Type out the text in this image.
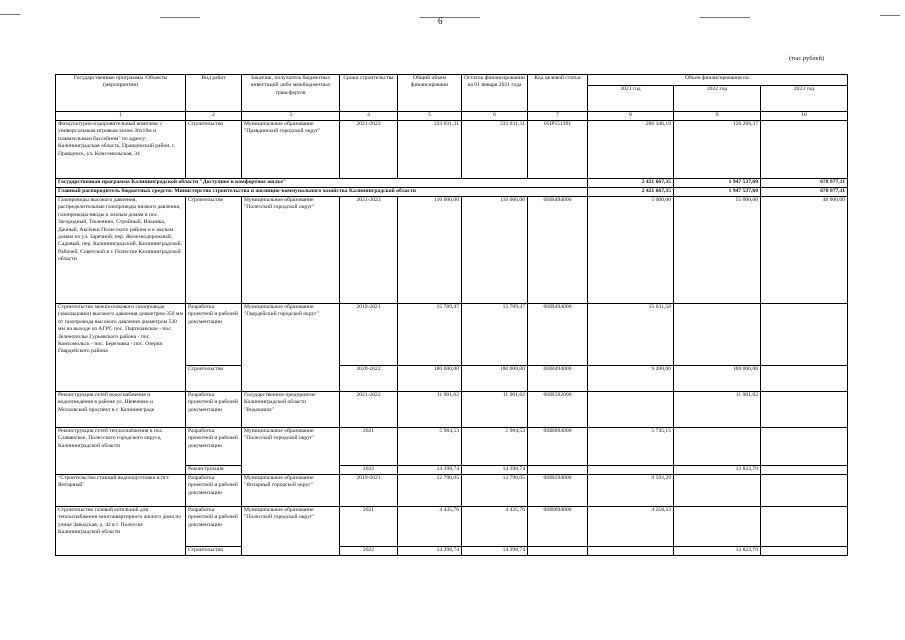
6
(тыс.рублей)
Государственные программы /Объекты (мероприятия)	Вид работ	Заказчик, получатель бюджетных инвестиций либо межбюджетных трансфертов	Сроки строительства	Общий объем финансировани	Остаток финансировании на 01 января 2021 года	Код целевой статьи	Объем финансирования на:		
							2021 год	2022 год	2023 год
1	2	3	4	5	6	7	8	9	10
Физкультурно-оздоровительный комплекс с универсальным игровым залом 36х18м и плавательным бассейном" по адресу: Калининградская область, Правдинский район, г. Правдинск, ул. Комсомольская, 34	Строительство	Муниципальное образование "Правдинский городской округ"	2021-2022	333 031,31	333 031,31	05IP551391	206 346,19	126 268,37	
Государственная программа Калининградской области "Доступное и комфортное жилье"							2 421 667,35	1 947 537,60	678 977,11
Главный распорядитель бюджетных средств: Министерство строительства и жилищно-коммунального хозяйства Калининградской области							2 421 667,35	1 947 537,60	678 977,11
Газопроводы высокого давления, распределительные газопроводы низкого давления, газопроводы-вводы к жилым домам в пос. Загородный, Тюленино, Стройный, Ильинка, Дачный, Аксёнки Полесского района и к жилым домам по ул. Заречной, пер. Железнодорожный, Садовый, пер. Калининградский, Калининградской, Рабочей, Советской в г. Полесске Калининградской области	Строительство	Муниципальное образование "Полесский городской округ"	2021-2023	110 000,00	110 000,00	06IB494000	5 000,00	55 000,00	48 900,00
Строительство межпоселкового газопровода (закольцовки) высокого давления диаметром 350 мм от газопровода высокого давления диаметром 530 мм на выходе из АГРС пос. Партизанское - пос. Зеленополье Гурьевского района - пос. Комсомольск - пос. Березовка - пос. Озерки Гвардейского района	Разработка проектной и рабочей документации	Муниципальное образование "Гвардейский городской округ"	2019-2021	15 789,47	15 789,47	06IB494000	15 631,58		
	Строительство		2020-2022	180 000,00	180 000,00	06IB494000	9 200,00	169 000,00	
Реконструкция сетей водоснабжения и водоотведения в районе ул. Шевченко и Московский проспект в г. Калининграде	Разработка проектной и рабочей документации	Государственное предприятие Калининградской области "Водоканал"	2021-2022	11 901,62	11 901,62	06IB592000		11 901,62	
Реконструкция сетей теплоснабжения в пос. Славянское, Полесского городского округа, Калининградской области	Разработка проектной и рабочей документации	Муниципальное образование "Полесский городской округ"	2021	5 984,53	5 984,53	06IB894000	5 745,15		
	Реконструкция		2022	14 398,74	14 398,74			13 822,79	
"Строительство станций водоподготовки в пгт. Янтарный"	Разработка проектной и рабочей документации	Муниципальное образование "Янтарный городской округ"	2019-2021	12 790,05	12 790,05	06IB594000	9 592,29		
Строительство газовой котельной для теплоснабжения многоквартирного жилого дома по улице Заводская, д. 42 в г. Полесске Калининградской области	Разработка проектной и рабочей документации	Муниципальное образование "Полесский городской округ"	2021	4 435,76	4 435,76	06IB894000	4 258,33		
	Строительство		2022	14 398,74	14 398,74			13 822,79	
